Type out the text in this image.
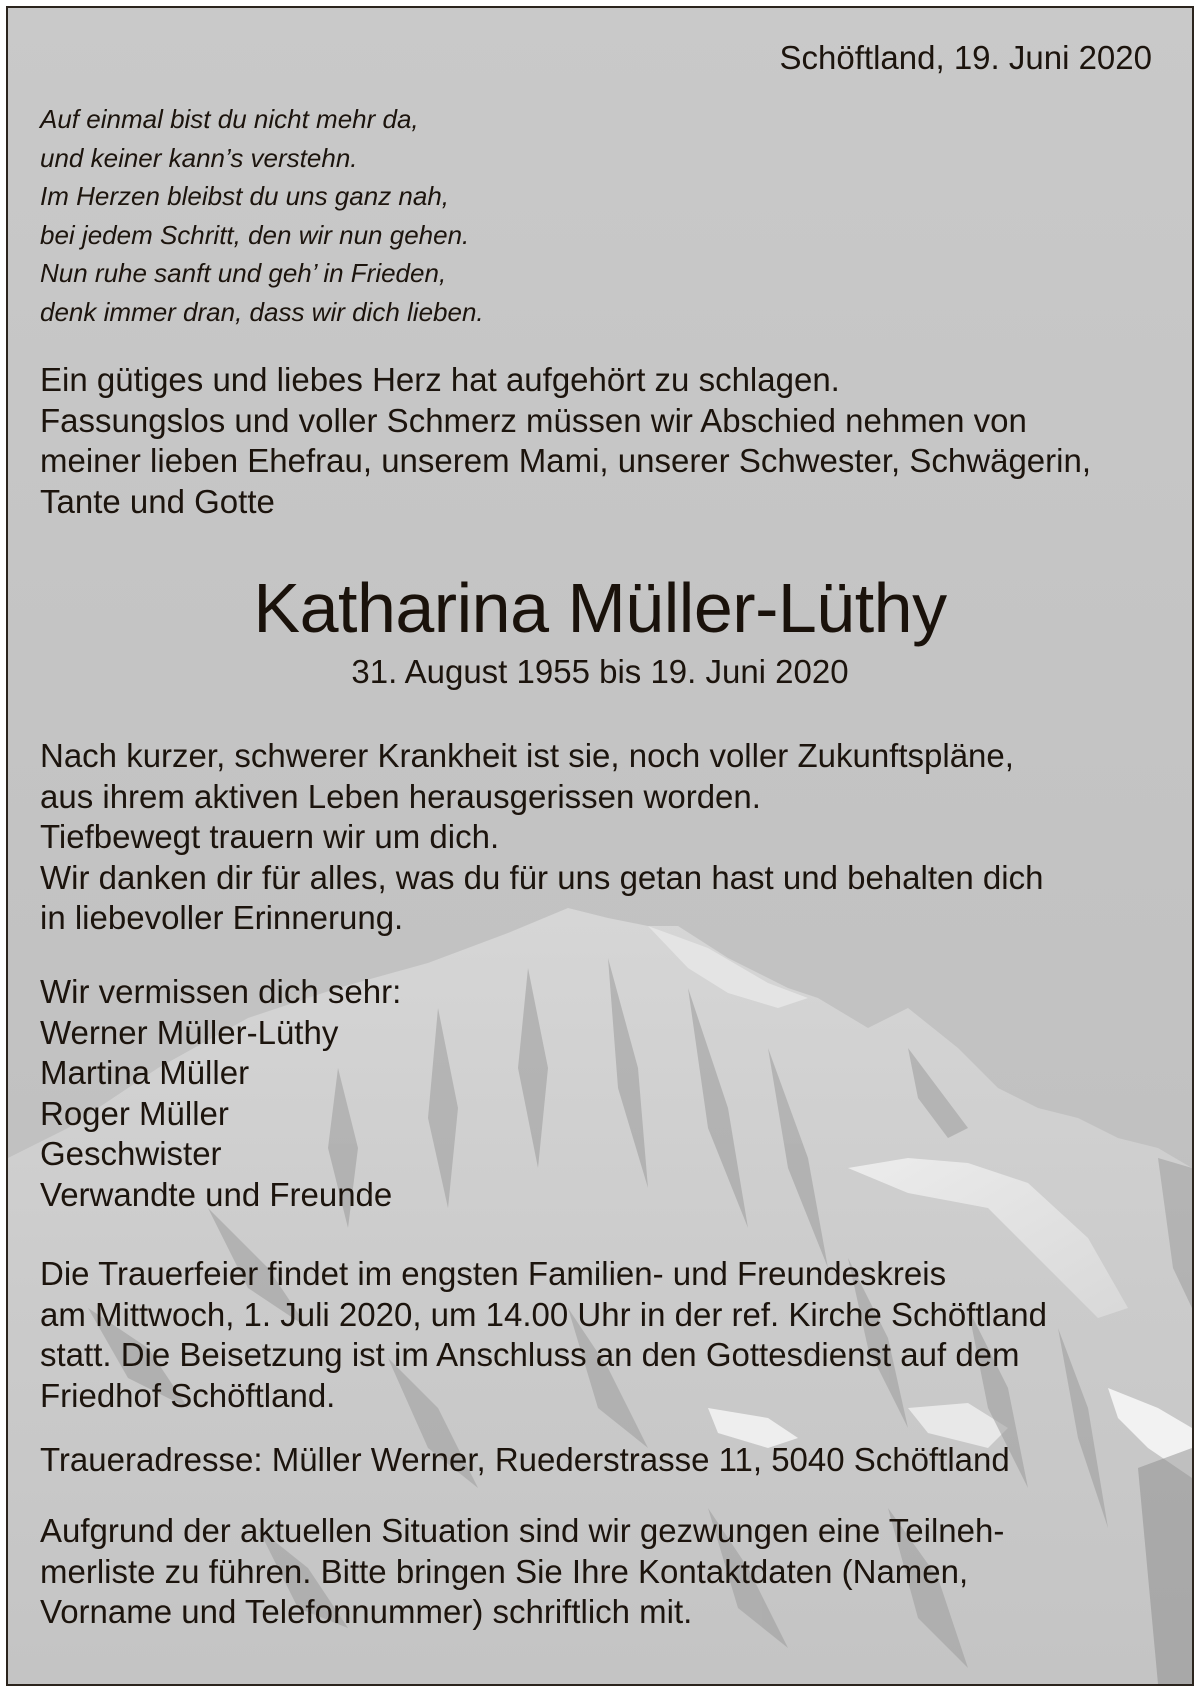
Schöftland, 19. Juni 2020

Auf einmal bist du nicht mehr da,
und keiner kann’s verstehn.
Im Herzen bleibst du uns ganz nah,
bei jedem Schritt, den wir nun gehen.
Nun ruhe sanft und geh’ in Frieden,
denk immer dran, dass wir dich lieben.
Ein gütiges und liebes Herz hat aufgehört zu schlagen.
Fassungslos und voller Schmerz müssen wir Abschied nehmen von
meiner lieben Ehefrau, unserem Mami, unserer Schwester, Schwägerin,
Tante und Gotte
Katharina Müller-Lüthy

31. August 1955 bis 19. Juni 2020

Nach kurzer, schwerer Krankheit ist sie, noch voller Zukunftspläne,
aus ihrem aktiven Leben herausgerissen worden.
Tiefbewegt trauern wir um dich.
Wir danken dir für alles, was du für uns getan hast und behalten dich
in liebevoller Erinnerung.
Wir vermissen dich sehr:
Werner Müller-Lüthy
Martina Müller
Roger Müller
Geschwister
Verwandte und Freunde
Die Trauerfeier findet im engsten Familien- und Freundeskreis
am Mittwoch, 1. Juli 2020, um 14.00 Uhr in der ref. Kirche Schöftland
statt. Die Beisetzung ist im Anschluss an den Gottesdienst auf dem
Friedhof Schöftland.
Traueradresse: Müller Werner, Ruederstrasse 11, 5040 Schöftland
Aufgrund der aktuellen Situation sind wir gezwungen eine Teilneh-
merliste zu führen. Bitte bringen Sie Ihre Kontaktdaten (Namen,
Vorname und Telefonnummer) schriftlich mit.
